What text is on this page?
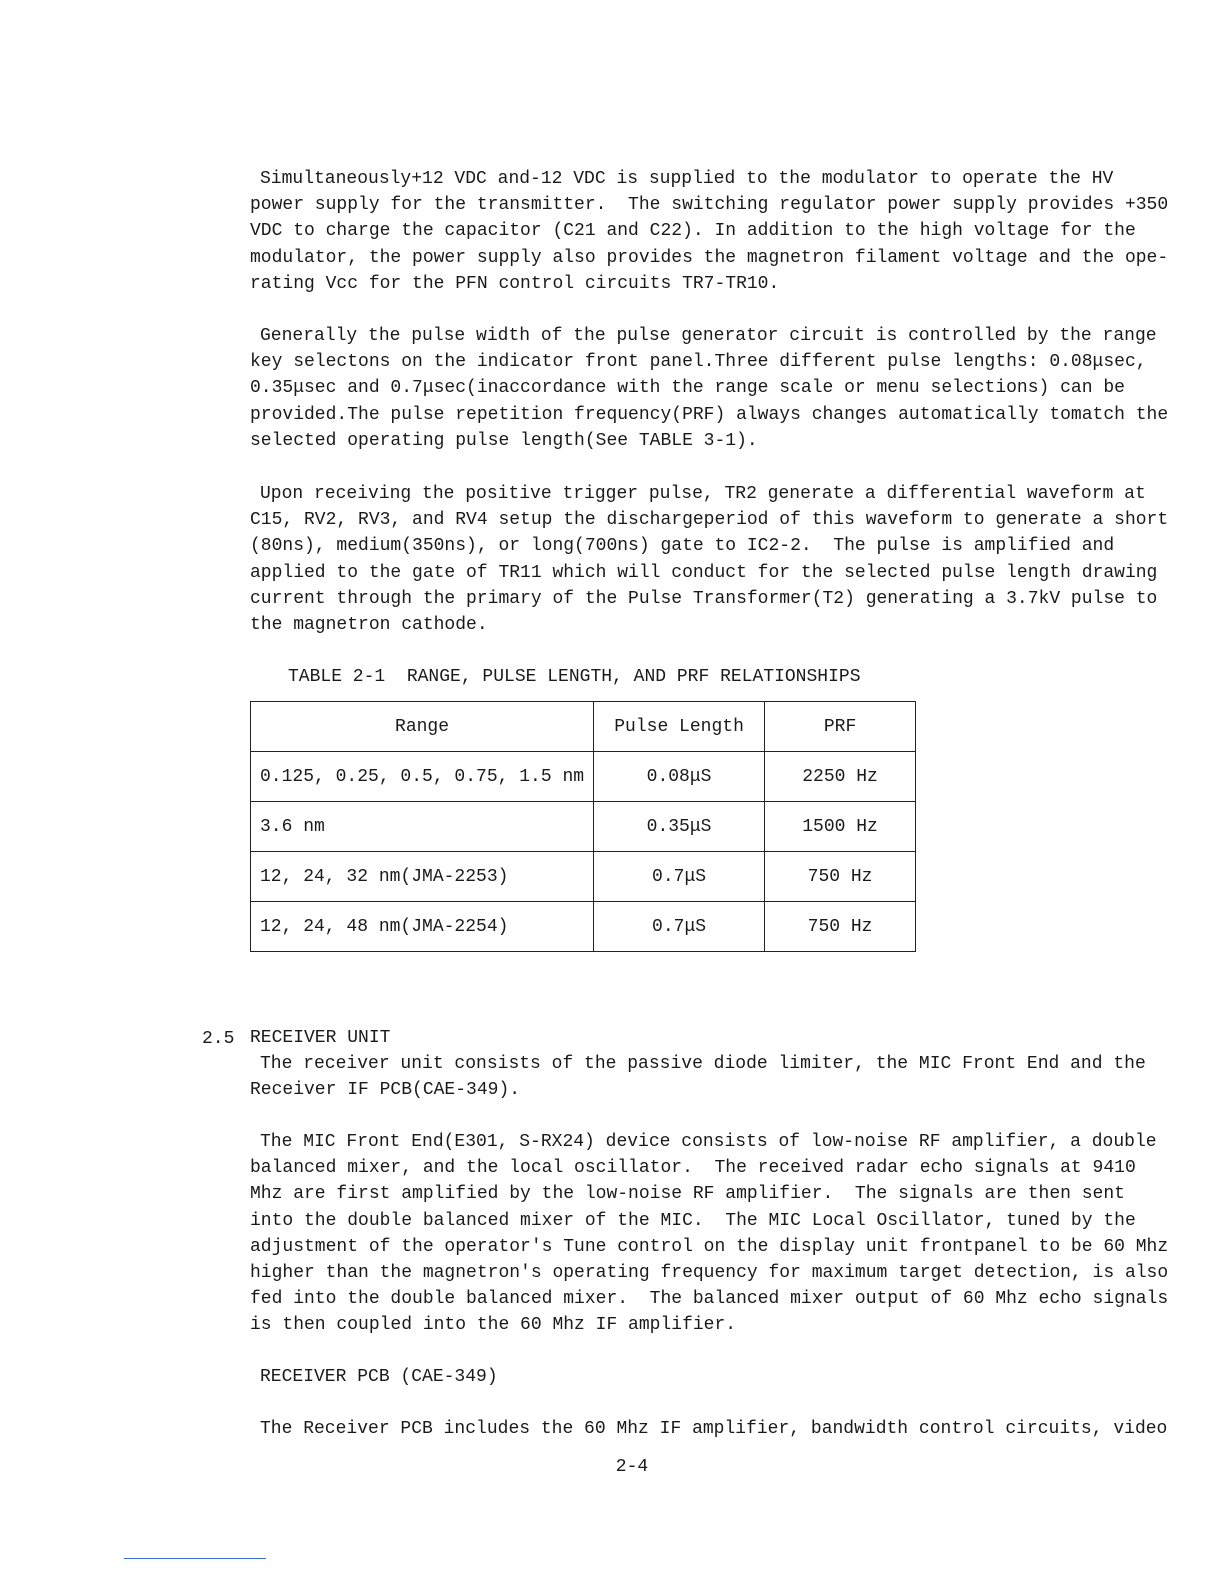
Simultaneously+12 VDC and-12 VDC is supplied to the modulator to operate the HV
power supply for the transmitter.  The switching regulator power supply provides +350
VDC to charge the capacitor (C21 and C22). In addition to the high voltage for the
modulator, the power supply also provides the magnetron filament voltage and the ope-
rating Vcc for the PFN control circuits TR7-TR10.
Generally the pulse width of the pulse generator circuit is controlled by the range
key selectons on the indicator front panel.Three different pulse lengths: 0.08μsec,
0.35μsec and 0.7μsec(inaccordance with the range scale or menu selections) can be
provided.The pulse repetition frequency(PRF) always changes automatically tomatch the
selected operating pulse length(See TABLE 3-1).
Upon receiving the positive trigger pulse, TR2 generate a differential waveform at
C15, RV2, RV3, and RV4 setup the dischargeperiod of this waveform to generate a short
(80ns), medium(350ns), or long(700ns) gate to IC2-2.  The pulse is amplified and
applied to the gate of TR11 which will conduct for the selected pulse length drawing
current through the primary of the Pulse Transformer(T2) generating a 3.7kV pulse to
the magnetron cathode.
TABLE 2-1  RANGE, PULSE LENGTH, AND PRF RELATIONSHIPS
Range	Pulse Length	PRF
0.125, 0.25, 0.5, 0.75, 1.5 nm	0.08μS	2250 Hz
3.6 nm	0.35μS	1500 Hz
12, 24, 32 nm(JMA-2253)	0.7μS	750 Hz
12, 24, 48 nm(JMA-2254)	0.7μS	750 Hz
2.5 RECEIVER UNIT
The receiver unit consists of the passive diode limiter, the MIC Front End and the
Receiver IF PCB(CAE-349).
The MIC Front End(E301, S-RX24) device consists of low-noise RF amplifier, a double
balanced mixer, and the local oscillator.  The received radar echo signals at 9410
Mhz are first amplified by the low-noise RF amplifier.  The signals are then sent
into the double balanced mixer of the MIC.  The MIC Local Oscillator, tuned by the
adjustment of the operator's Tune control on the display unit frontpanel to be 60 Mhz
higher than the magnetron's operating frequency for maximum target detection, is also
fed into the double balanced mixer.  The balanced mixer output of 60 Mhz echo signals
is then coupled into the 60 Mhz IF amplifier.
RECEIVER PCB (CAE-349)
The Receiver PCB includes the 60 Mhz IF amplifier, bandwidth control circuits, video
2-4
